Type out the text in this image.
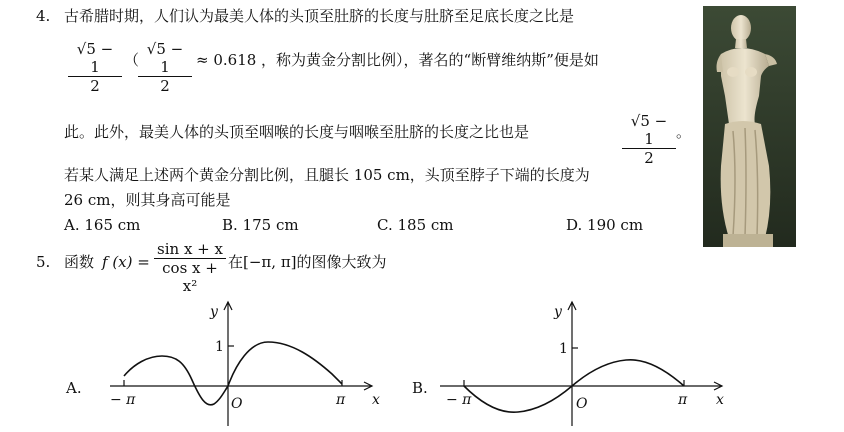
4. 古希腊时期，人们认为最美人体的头顶至肚脐的长度与肚脐至足底长度之比是
$\frac{√5 - 1}{2}$ （
$\frac{√5 - 1}{2} \approx 0.618$ ，称为黄金分割比例），著名的“断臂维纳斯”便是如
此。此外，最美人体的头顶至咽喉的长度与咽喉至肚脐的长度之比也是	$\frac{√5 - 1}{2}$ 。
若某人满足上述两个黄金分割比例，且腿长 105 cm，头顶至脖子下端的长度为
26 cm，则其身高可能是
A. 165 cm	B. 175 cm	C. 185 cm	D. 190 cm
5. 函数 f $(x) = \frac{\text{sin x + x}}{\text{cos x + x²}}$ 在[−π, π]的图像大致为
A.
y
1
x
O
− π	π
B.
y
1
x
O
− π	π
